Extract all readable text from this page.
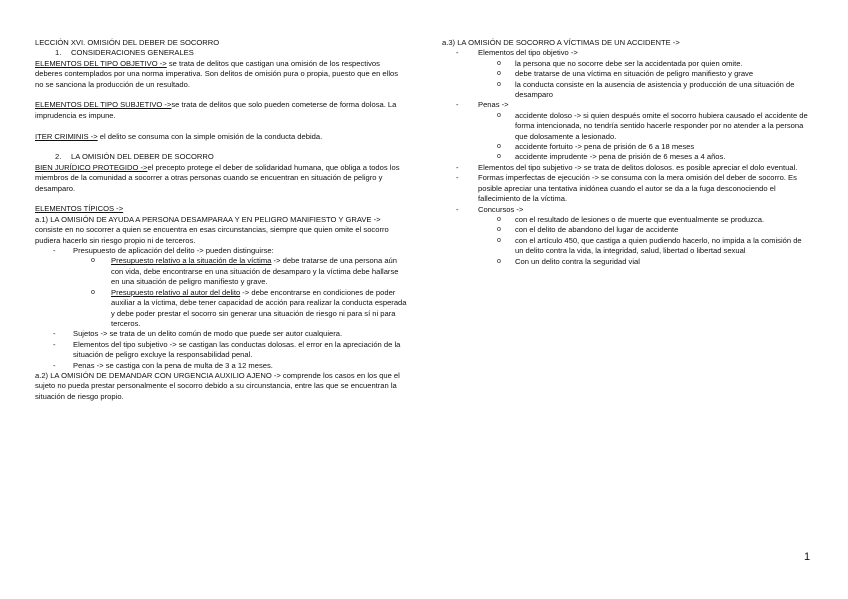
LECCIÓN XVI. OMISIÓN DEL DEBER DE SOCORRO

1. CONSIDERACIONES GENERALES

ELEMENTOS DEL TIPO OBJETIVO -> se trata de delitos que castigan una omisión de los respectivos deberes contemplados por una norma imperativa. Son delitos de omisión pura o propia, puesto que en ellos no se sanciona la producción de un resultado.

ELEMENTOS DEL TIPO SUBJETIVO ->se trata de delitos que solo pueden cometerse de forma dolosa. La imprudencia es impune.

ITER CRIMINIS -> el delito se consuma con la simple omisión de la conducta debida.

2. LA OMISIÓN DEL DEBER DE SOCORRO

BIEN JURÍDICO PROTEGIDO ->el precepto protege el deber de solidaridad humana, que obliga a todos los miembros de la comunidad a socorrer a otras personas cuando se encuentran en situación de peligro y desamparo.

ELEMENTOS TÍPICOS ->

a.1) LA OMISIÓN DE AYUDA A PERSONA DESAMPARAA Y EN PELIGRO MANIFIESTO Y GRAVE -> consiste en no socorrer a quien se encuentra en esas circunstancias, siempre que quien omite el socorro pudiera hacerlo sin riesgo propio ni de terceros.

- Presupuesto de aplicación del delito -> pueden distinguirse:
o Presupuesto relativo a la situación de la víctima -> debe tratarse de una persona aún con vida, debe encontrarse en una situación de desamparo y la víctima debe hallarse en una situación de peligro manifiesto y grave.
o Presupuesto relativo al autor del delito -> debe encontrarse en condiciones de poder auxiliar a la víctima, debe tener capacidad de acción para realizar la conducta esperada y debe poder prestar el socorro sin generar una situación de riesgo ni para sí ni para terceros.
- Sujetos -> se trata de un delito común de modo que puede ser autor cualquiera.
- Elementos del tipo subjetivo -> se castigan las conductas dolosas. el error en la apreciación de la situación de peligro excluye la responsabilidad penal.
- Penas -> se castiga con la pena de multa de 3 a 12 meses.

a.2) LA OMISIÓN DE DEMANDAR CON URGENCIA AUXILIO AJENO -> comprende los casos en los que el sujeto no pueda prestar personalmente el socorro debido a su circunstancia, entre las que se encuentran la situación de riesgo propio.

a.3) LA OMISIÓN DE SOCORRO A VÍCTIMAS DE UN ACCIDENTE ->

-	Elementos del tipo objetivo ->
o la persona que no socorre debe ser la accidentada por quien omite.
o debe tratarse de una víctima en situación de peligro manifiesto y grave
o la conducta consiste en la ausencia de asistencia y producción de una situación de desamparo
-	Penas ->
o accidente doloso -> si quien después omite el socorro hubiera causado el accidente de forma intencionada, no tendría sentido hacerle responder por no atender a la persona que dolosamente a lesionado.
o accidente fortuito -> pena de prisión de 6 a 18 meses
o accidente imprudente -> pena de prisión de 6 meses a 4 años.
-	Elementos del tipo subjetivo -> se trata de delitos dolosos. es posible apreciar el dolo eventual.
-	Formas imperfectas de ejecución -> se consuma con la mera omisión del deber de socorro. Es posible apreciar una tentativa inidónea cuando el autor se da a la fuga desconociendo el fallecimiento de la víctima.
-	Concursos ->
o con el resultado de lesiones o de muerte que eventualmente se produzca.
o con el delito de abandono del lugar de accidente
o con el artículo 450, que castiga a quien pudiendo hacerlo, no impida a la comisión de un delito contra la vida, la integridad, salud, libertad o libertad sexual
o Con un delito contra la seguridad vial
1
